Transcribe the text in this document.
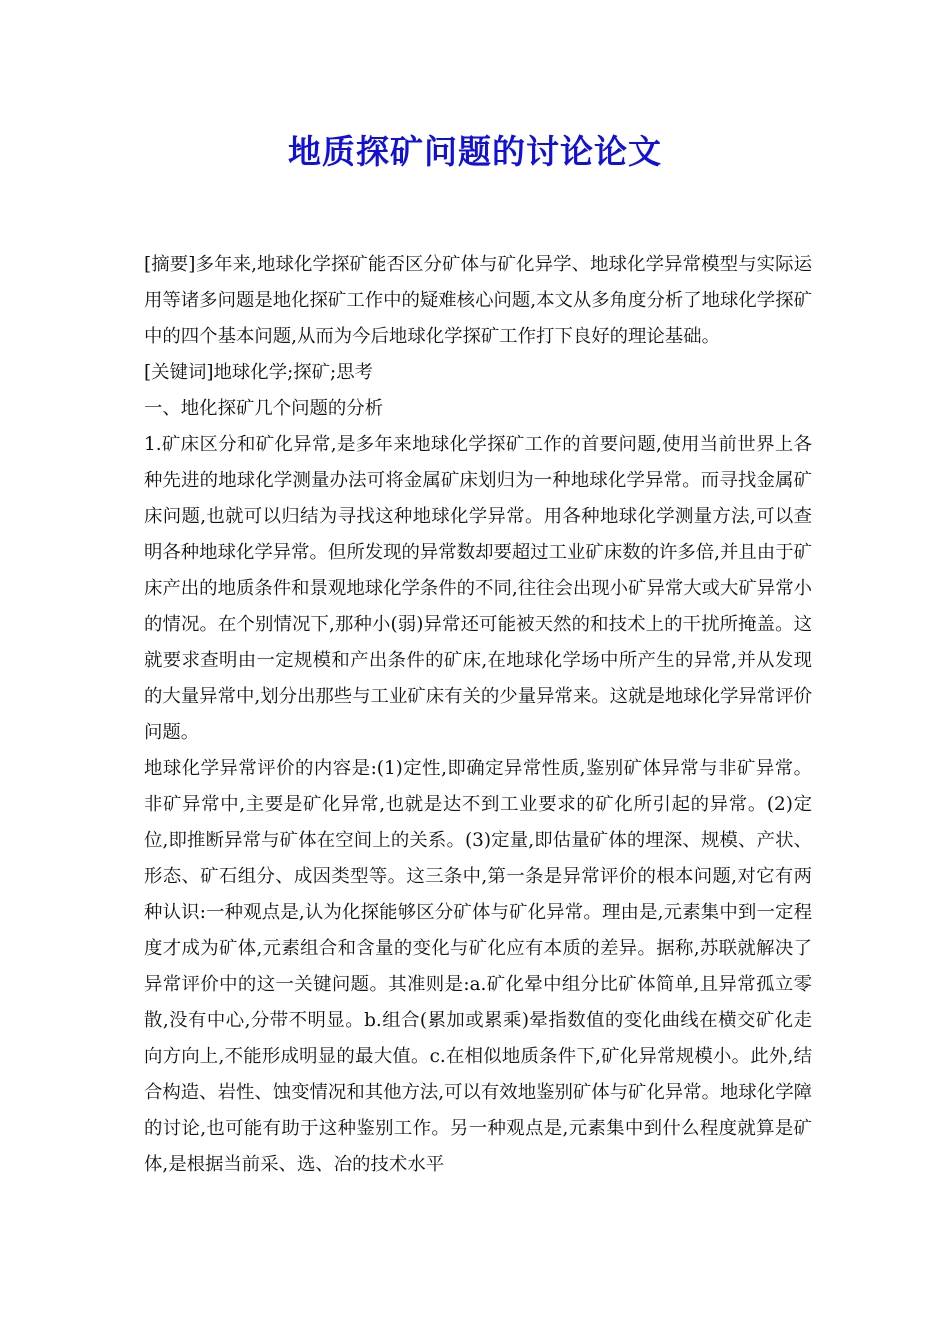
地质探矿问题的讨论论文

[摘要]多年来,地球化学探矿能否区分矿体与矿化异学、地球化学异常模型与实际运用等诸多问题是地化探矿工作中的疑难核心问题,本文从多角度分析了地球化学探矿中的四个基本问题,从而为今后地球化学探矿工作打下良好的理论基础。

[关键词]地球化学;探矿;思考

一、地化探矿几个问题的分析

1.矿床区分和矿化异常,是多年来地球化学探矿工作的首要问题,使用当前世界上各种先进的地球化学测量办法可将金属矿床划归为一种地球化学异常。而寻找金属矿床问题,也就可以归结为寻找这种地球化学异常。用各种地球化学测量方法,可以查明各种地球化学异常。但所发现的异常数却要超过工业矿床数的许多倍,并且由于矿床产出的地质条件和景观地球化学条件的不同,往往会出现小矿异常大或大矿异常小的情况。在个别情况下,那种小(弱)异常还可能被天然的和技术上的干扰所掩盖。这就要求查明由一定规模和产出条件的矿床,在地球化学场中所产生的异常,并从发现的大量异常中,划分出那些与工业矿床有关的少量异常来。这就是地球化学异常评价问题。

地球化学异常评价的内容是:(1)定性,即确定异常性质,鉴别矿体异常与非矿异常。非矿异常中,主要是矿化异常,也就是达不到工业要求的矿化所引起的异常。(2)定位,即推断异常与矿体在空间上的关系。(3)定量,即估量矿体的埋深、规模、产状、形态、矿石组分、成因类型等。这三条中,第一条是异常评价的根本问题,对它有两种认识:一种观点是,认为化探能够区分矿体与矿化异常。理由是,元素集中到一定程度才成为矿体,元素组合和含量的变化与矿化应有本质的差异。据称,苏联就解决了异常评价中的这一关键问题。其准则是:a.矿化晕中组分比矿体简单,且异常孤立零散,没有中心,分带不明显。b.组合(累加或累乘)晕指数值的变化曲线在横交矿化走向方向上,不能形成明显的最大值。c.在相似地质条件下,矿化异常规模小。此外,结合构造、岩性、蚀变情况和其他方法,可以有效地鉴别矿体与矿化异常。地球化学障的讨论,也可能有助于这种鉴别工作。另一种观点是,元素集中到什么程度就算是矿体,是根据当前采、选、冶的技术水平
